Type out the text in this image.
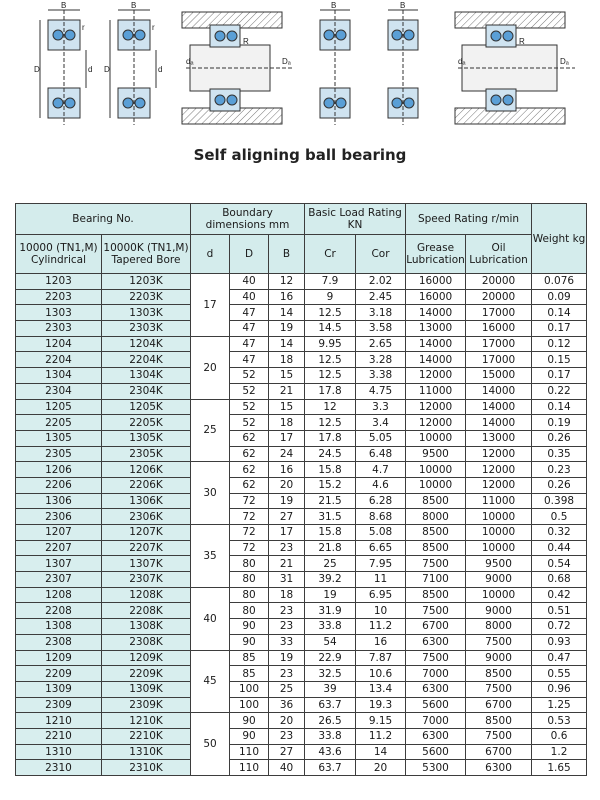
B	B	B	B
D	D
d	d
r	r
dₐ	Dₐ
R
dₐ	Dₐ
R
Self aligning ball bearing
Bearing No.		Boundary dimensions mm			Basic Load Rating KN		Speed Rating r/min		Weight kg
10000 (TN1,M) Cylindrical	10000K (TN1,M) Tapered Bore	d	D	B	Cr	Cor	Grease Lubrication	Oil Lubrication	
1203	1203K	17	40	12	7.9	2.02	16000	20000	0.076
2203	2203K		40	16	9	2.45	16000	20000	0.09
1303	1303K		47	14	12.5	3.18	14000	17000	0.14
2303	2303K		47	19	14.5	3.58	13000	16000	0.17
1204	1204K	20	47	14	9.95	2.65	14000	17000	0.12
2204	2204K		47	18	12.5	3.28	14000	17000	0.15
1304	1304K		52	15	12.5	3.38	12000	15000	0.17
2304	2304K		52	21	17.8	4.75	11000	14000	0.22
1205	1205K	25	52	15	12	3.3	12000	14000	0.14
2205	2205K		52	18	12.5	3.4	12000	14000	0.19
1305	1305K		62	17	17.8	5.05	10000	13000	0.26
2305	2305K		62	24	24.5	6.48	9500	12000	0.35
1206	1206K	30	62	16	15.8	4.7	10000	12000	0.23
2206	2206K		62	20	15.2	4.6	10000	12000	0.26
1306	1306K		72	19	21.5	6.28	8500	11000	0.398
2306	2306K		72	27	31.5	8.68	8000	10000	0.5
1207	1207K	35	72	17	15.8	5.08	8500	10000	0.32
2207	2207K		72	23	21.8	6.65	8500	10000	0.44
1307	1307K		80	21	25	7.95	7500	9500	0.54
2307	2307K		80	31	39.2	11	7100	9000	0.68
1208	1208K	40	80	18	19	6.95	8500	10000	0.42
2208	2208K		80	23	31.9	10	7500	9000	0.51
1308	1308K		90	23	33.8	11.2	6700	8000	0.72
2308	2308K		90	33	54	16	6300	7500	0.93
1209	1209K	45	85	19	22.9	7.87	7500	9000	0.47
2209	2209K		85	23	32.5	10.6	7000	8500	0.55
1309	1309K		100	25	39	13.4	6300	7500	0.96
2309	2309K		100	36	63.7	19.3	5600	6700	1.25
1210	1210K	50	90	20	26.5	9.15	7000	8500	0.53
2210	2210K		90	23	33.8	11.2	6300	7500	0.6
1310	1310K		110	27	43.6	14	5600	6700	1.2
2310	2310K		110	40	63.7	20	5300	6300	1.65
